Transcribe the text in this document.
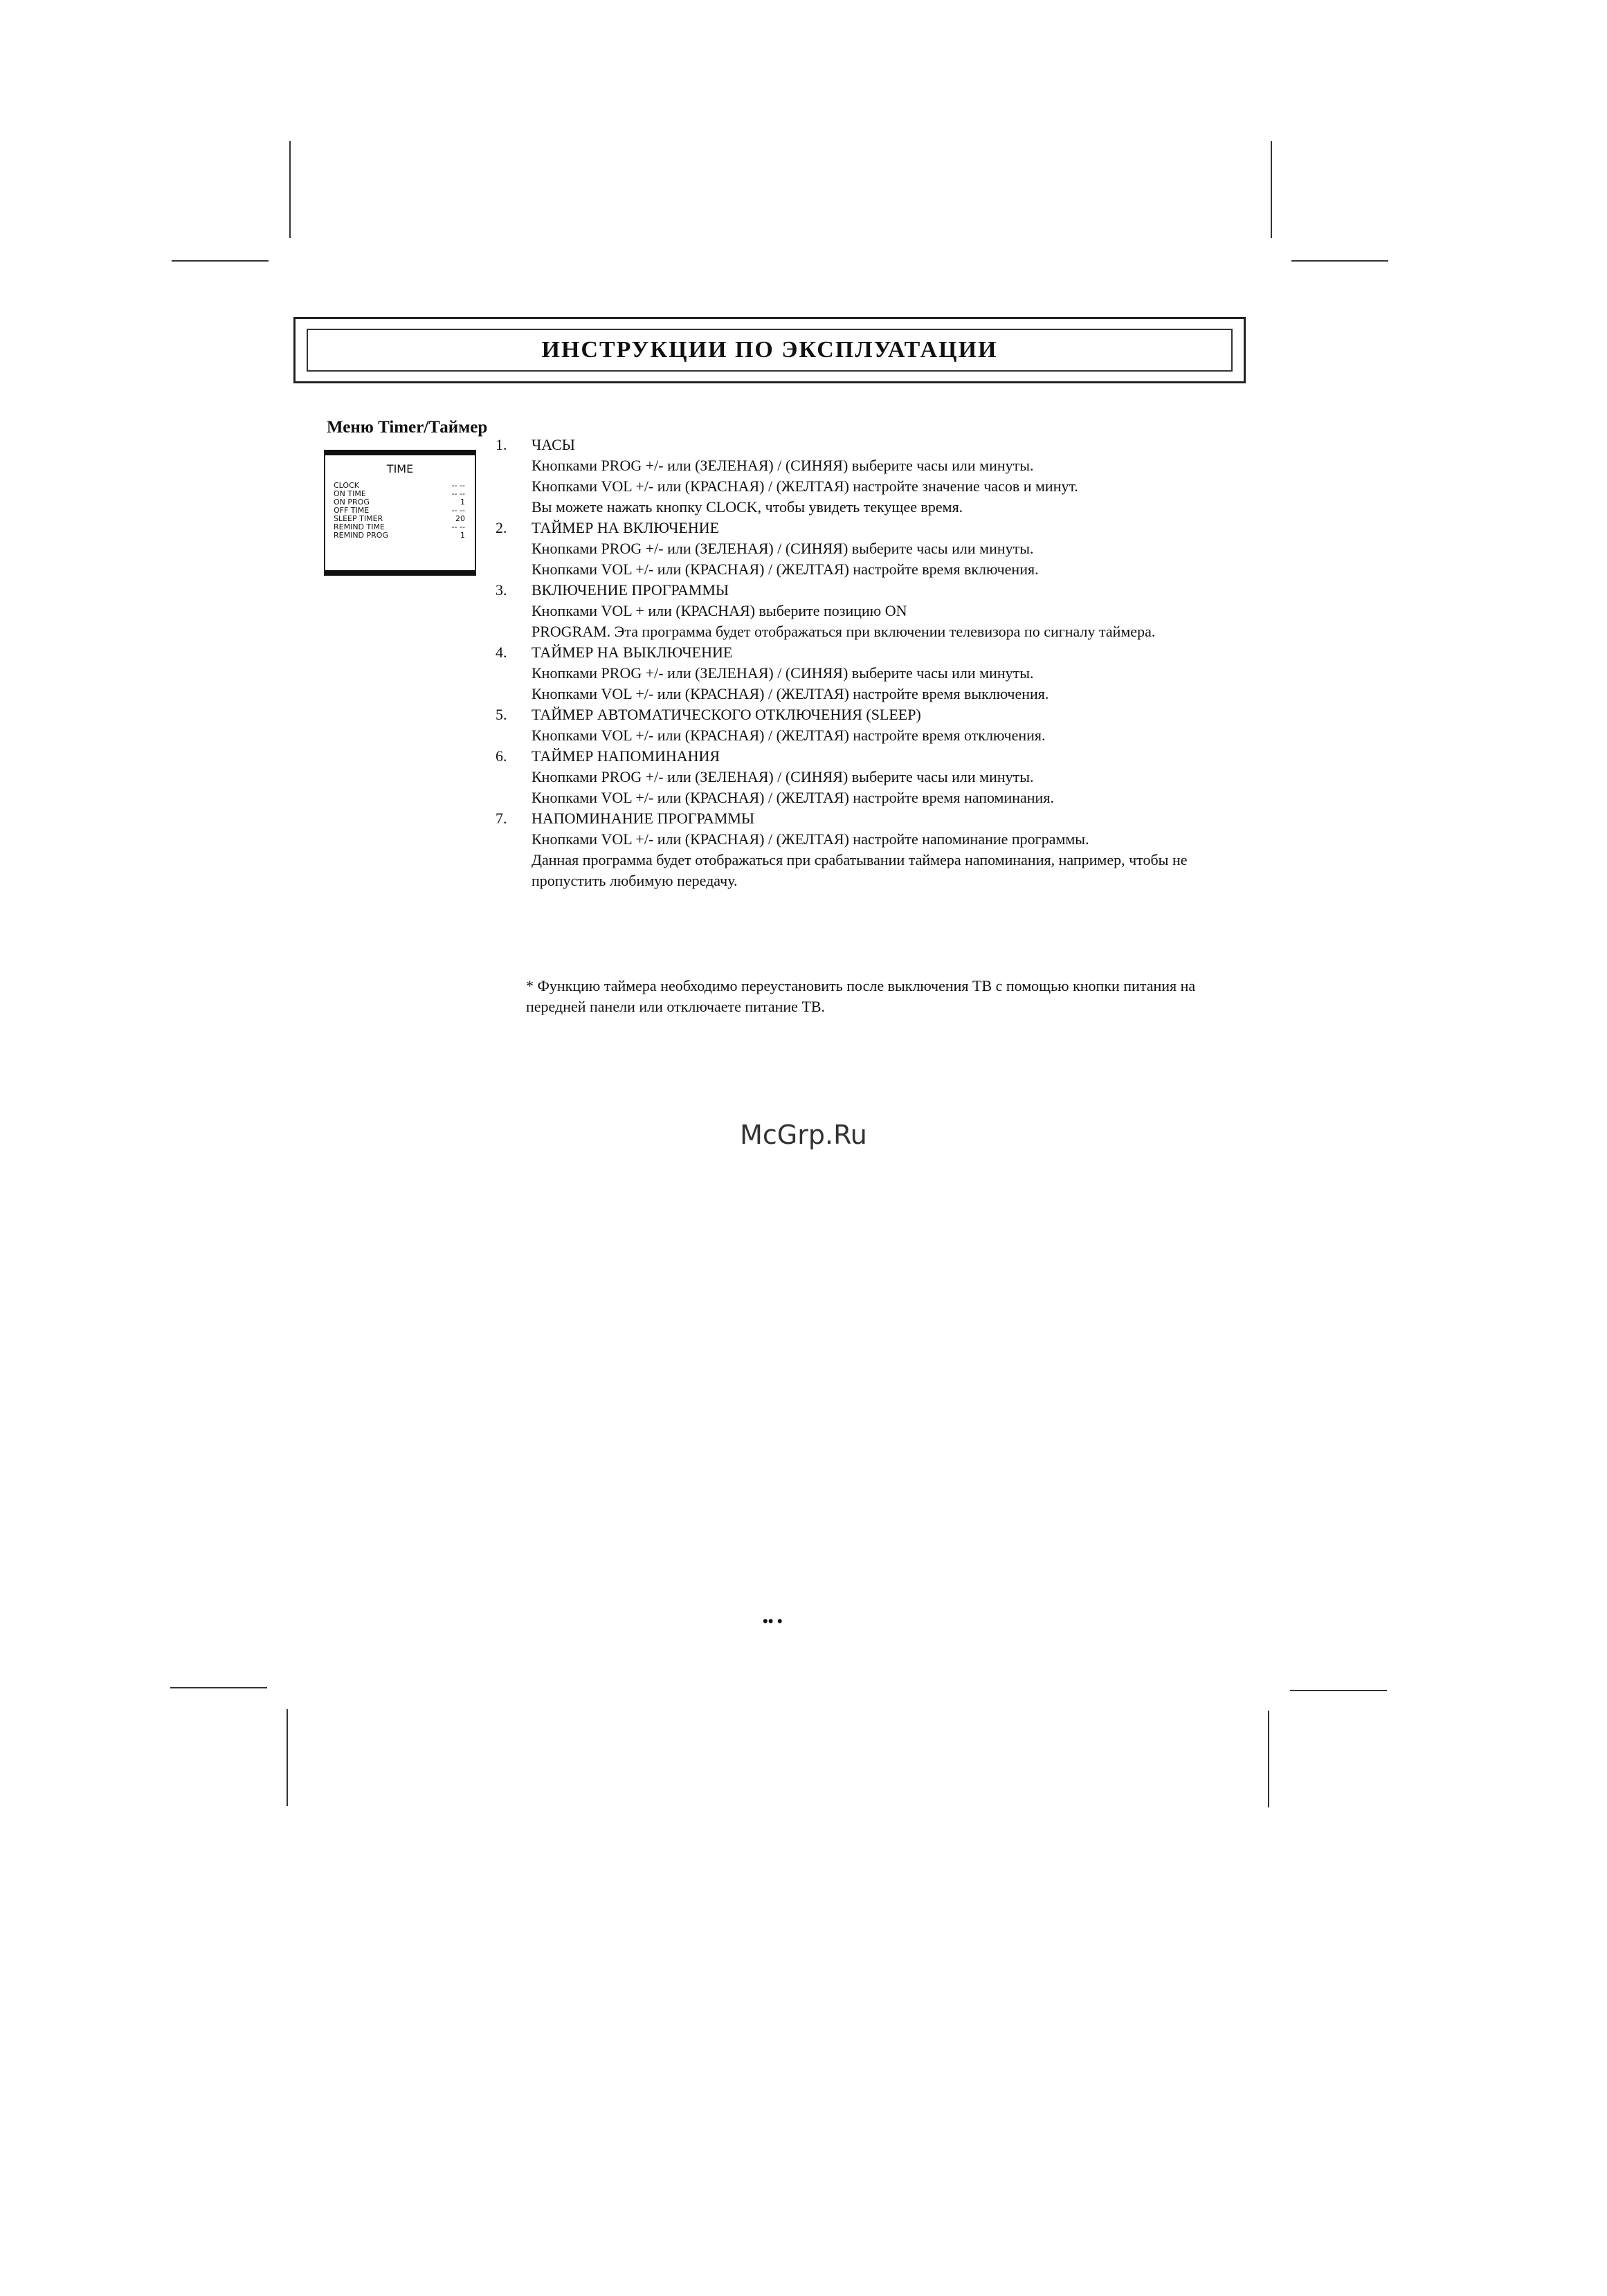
ИНСТРУКЦИИ ПО ЭКСПЛУАТАЦИИ
Меню Timer/Таймер
TIME
CLOCK	-- --
ON TIME	-- --
ON PROG	1
OFF TIME	-- --
SLEEP TIMER	20
REMIND TIME	-- --
REMIND PROG	1
1.	ЧАСЫ
Кнопками PROG +/- или (ЗЕЛЕНАЯ) / (СИНЯЯ) выберите часы или минуты.
Кнопками VOL +/- или (КРАСНАЯ) / (ЖЕЛТАЯ) настройте значение часов и минут.
Вы можете нажать кнопку CLOCK, чтобы увидеть текущее время.
2.	ТАЙМЕР НА ВКЛЮЧЕНИЕ
Кнопками PROG +/- или (ЗЕЛЕНАЯ) / (СИНЯЯ) выберите часы или минуты.
Кнопками VOL +/- или (КРАСНАЯ) / (ЖЕЛТАЯ) настройте время включения.
3.	ВКЛЮЧЕНИЕ ПРОГРАММЫ
Кнопками VOL + или (КРАСНАЯ) выберите позицию ON
PROGRAM. Эта программа будет отображаться при включении телевизора по сигналу таймера.
4.	ТАЙМЕР НА ВЫКЛЮЧЕНИЕ
Кнопками PROG +/- или (ЗЕЛЕНАЯ) / (СИНЯЯ) выберите часы или минуты.
Кнопками VOL +/- или (КРАСНАЯ) / (ЖЕЛТАЯ) настройте время выключения.
5.	ТАЙМЕР АВТОМАТИЧЕСКОГО ОТКЛЮЧЕНИЯ (SLEEP)
Кнопками VOL +/- или (КРАСНАЯ) / (ЖЕЛТАЯ) настройте время отключения.
6.	ТАЙМЕР НАПОМИНАНИЯ
Кнопками PROG +/- или (ЗЕЛЕНАЯ) / (СИНЯЯ) выберите часы или минуты.
Кнопками VOL +/- или (КРАСНАЯ) / (ЖЕЛТАЯ) настройте время напоминания.
7.	НАПОМИНАНИЕ ПРОГРАММЫ
Кнопками VOL +/- или (КРАСНАЯ) / (ЖЕЛТАЯ) настройте напоминание программы.
Данная программа будет отображаться при срабатывании таймера напоминания, например, чтобы не пропустить любимую передачу.
* Функцию таймера необходимо переустановить после выключения ТВ с помощью кнопки питания на передней панели или отключаете питание ТВ.
McGrp.Ru
•• •
